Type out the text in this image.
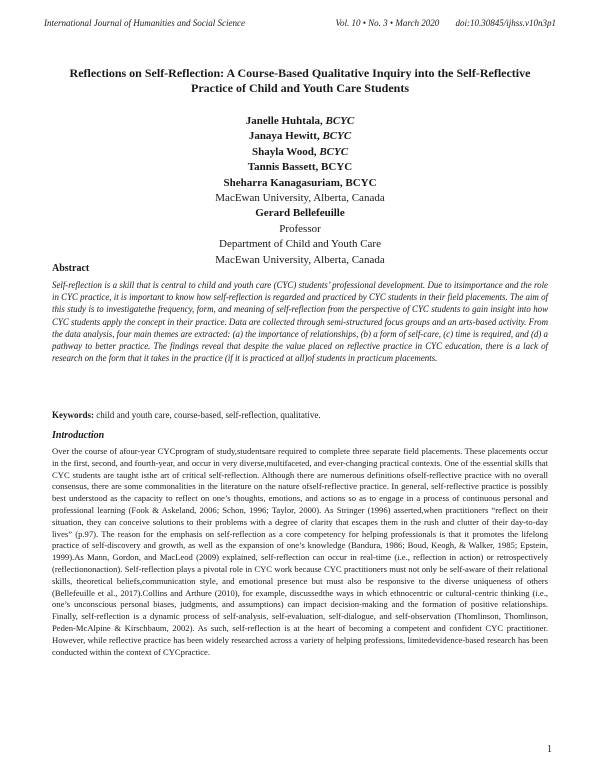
International Journal of Humanities and Social Science	Vol. 10 • No. 3 • March 2020 doi:10.30845/ijhss.v10n3p1
Reflections on Self-Reflection: A Course-Based Qualitative Inquiry into the Self-Reflective Practice of Child and Youth Care Students
Janelle Huhtala, BCYC
Janaya Hewitt, BCYC
Shayla Wood, BCYC
Tannis Bassett, BCYC
Sheharra Kanagasuriam, BCYC
MacEwan University, Alberta, Canada
Gerard Bellefeuille
Professor
Department of Child and Youth Care
MacEwan University, Alberta, Canada
Abstract
Self-reflection is a skill that is central to child and youth care (CYC) students’ professional development. Due to itsimportance and the role in CYC practice, it is important to know how self-reflection is regarded and practiced by CYC students in their field placements. The aim of this study is to investigatethe frequency, form, and meaning of self-reflection from the perspective of CYC students to gain insight into how CYC students apply the concept in their practice. Data are collected through semi-structured focus groups and an arts-based activity. From the data analysis, four main themes are extracted: (a) the importance of relationships, (b) a form of self-care, (c) time is required, and (d) a pathway to better practice. The findings reveal that despite the value placed on reflective practice in CYC education, there is a lack of research on the form that it takes in the practice (if it is practiced at all)of students in practicum placements.
Keywords: child and youth care, course-based, self-reflection, qualitative.
Introduction
Over the course of afour-year CYCprogram of study,studentsare required to complete three separate field placements. These placements occur in the first, second, and fourth-year, and occur in very diverse,multifaceted, and ever-changing practical contexts. One of the essential skills that CYC students are taught isthe art of critical self-reflection. Although there are numerous definitions ofself-reflective practice with no overall consensus, there are some commonalities in the literature on the nature ofself-reflective practice. In general, self-reflective practice is possibly best understood as the capacity to reflect on one’s thoughts, emotions, and actions so as to engage in a process of continuous personal and professional learning (Fook & Askeland, 2006; Schon, 1996; Taylor, 2000). As Stringer (1996) asserted,when practitioners “reflect on their situation, they can conceive solutions to their problems with a degree of clarity that escapes them in the rush and clutter of their day-to-day lives” (p.97). The reason for the emphasis on self-reflection as a core competency for helping professionals is that it promotes the lifelong practice of self-discovery and growth, as well as the expansion of one’s knowledge (Bandura, 1986; Boud, Keogh, & Walker, 1985; Epstein, 1999).As Mann, Gordon, and MacLeod (2009) explained, self-reflection can occur in real-time (i.e., reflection in action) or retrospectively (reflectiononaction). Self-reflection plays a pivotal role in CYC work because CYC practitioners must not only be self-aware of their relational skills, theoretical beliefs,communication style, and emotional presence but must also be responsive to the diverse uniqueness of others (Bellefeuille et al., 2017).Collins and Arthure (2010), for example, discussedthe ways in which ethnocentric or cultural-centric thinking (i.e., one’s unconscious personal biases, judgments, and assumptions) can impact decision-making and the formation of positive relationships. Finally, self-reflection is a dynamic process of self-analysis, self-evaluation, self-dialogue, and self-observation (Thomlinson, Thomlinson, Peden-McAlpine & Kirschbaum, 2002). As such, self-reflection is at the heart of becoming a competent and confident CYC practitioner. However, while reflective practice has been widely researched across a variety of helping professions, limitedevidence-based research has been conducted within the context of CYCpractice.
1
